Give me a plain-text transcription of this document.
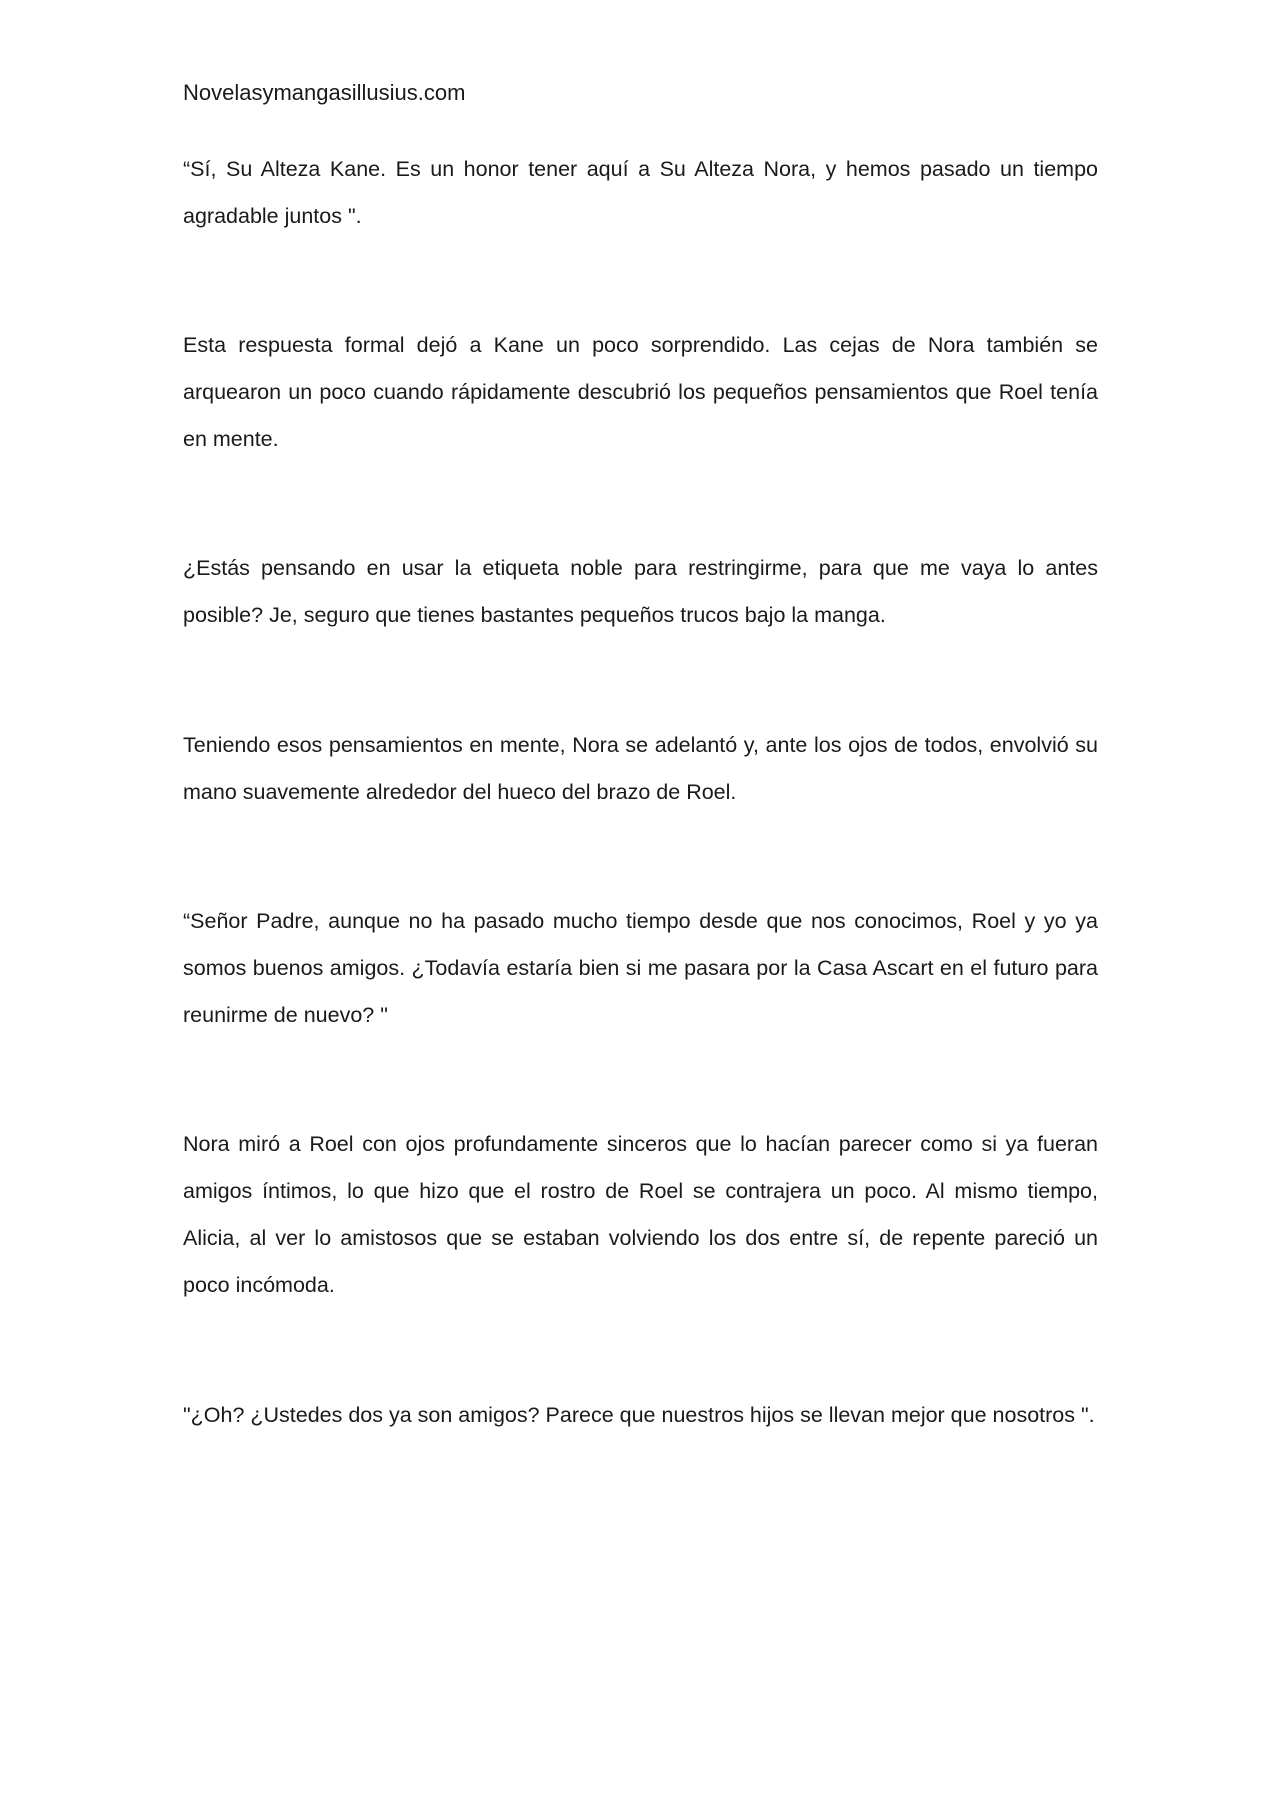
Novelasymangasillusius.com

“Sí, Su Alteza Kane. Es un honor tener aquí a Su Alteza Nora, y hemos pasado un tiempo agradable juntos ".

Esta respuesta formal dejó a Kane un poco sorprendido. Las cejas de Nora también se arquearon un poco cuando rápidamente descubrió los pequeños pensamientos que Roel tenía en mente.

¿Estás pensando en usar la etiqueta noble para restringirme, para que me vaya lo antes posible? Je, seguro que tienes bastantes pequeños trucos bajo la manga.

Teniendo esos pensamientos en mente, Nora se adelantó y, ante los ojos de todos, envolvió su mano suavemente alrededor del hueco del brazo de Roel.

“Señor Padre, aunque no ha pasado mucho tiempo desde que nos conocimos, Roel y yo ya somos buenos amigos. ¿Todavía estaría bien si me pasara por la Casa Ascart en el futuro para reunirme de nuevo? "

Nora miró a Roel con ojos profundamente sinceros que lo hacían parecer como si ya fueran amigos íntimos, lo que hizo que el rostro de Roel se contrajera un poco. Al mismo tiempo, Alicia, al ver lo amistosos que se estaban volviendo los dos entre sí, de repente pareció un poco incómoda.

"¿Oh? ¿Ustedes dos ya son amigos? Parece que nuestros hijos se llevan mejor que nosotros ".
